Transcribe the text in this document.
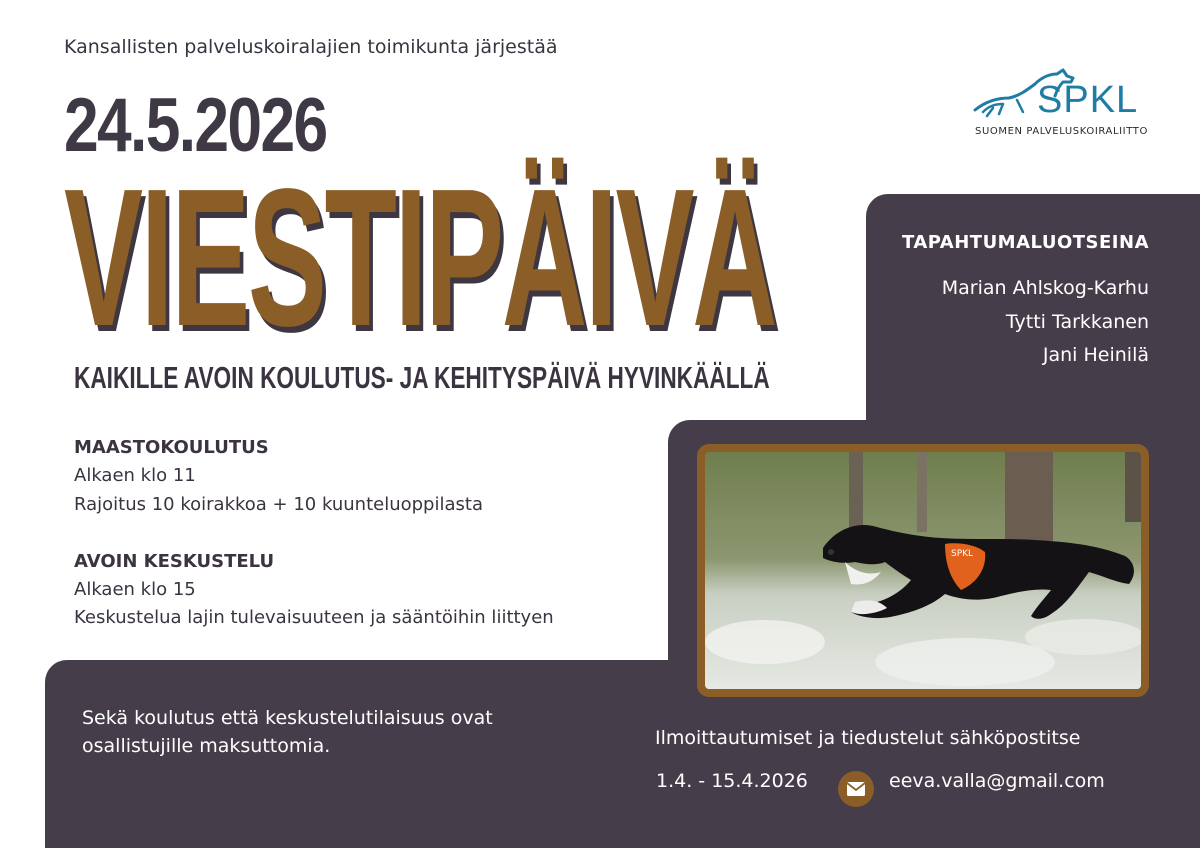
Kansallisten palveluskoiralajien toimikunta järjestää
24.5.2026
VIESTIPÄIVÄ
KAIKILLE AVOIN KOULUTUS- JA KEHITYSPÄIVÄ HYVINKÄÄLLÄ
SPKL
SUOMEN PALVELUSKOIRALIITTO
TAPAHTUMALUOTSEINA
Marian Ahlskog-Karhu
Tytti Tarkkanen
Jani Heinilä
MAASTOKOULUTUS
Alkaen klo 11
Rajoitus 10 koirakkoa + 10 kuunteluoppilasta
AVOIN KESKUSTELU
Alkaen klo 15
Keskustelua lajin tulevaisuuteen ja sääntöihin liittyen
SPKL
Sekä koulutus että keskustelutilaisuus ovat osallistujille maksuttomia.	Ilmoittautumiset ja tiedustelut sähköpostitse
1.4. - 15.4.2026	eeva.valla@gmail.com
